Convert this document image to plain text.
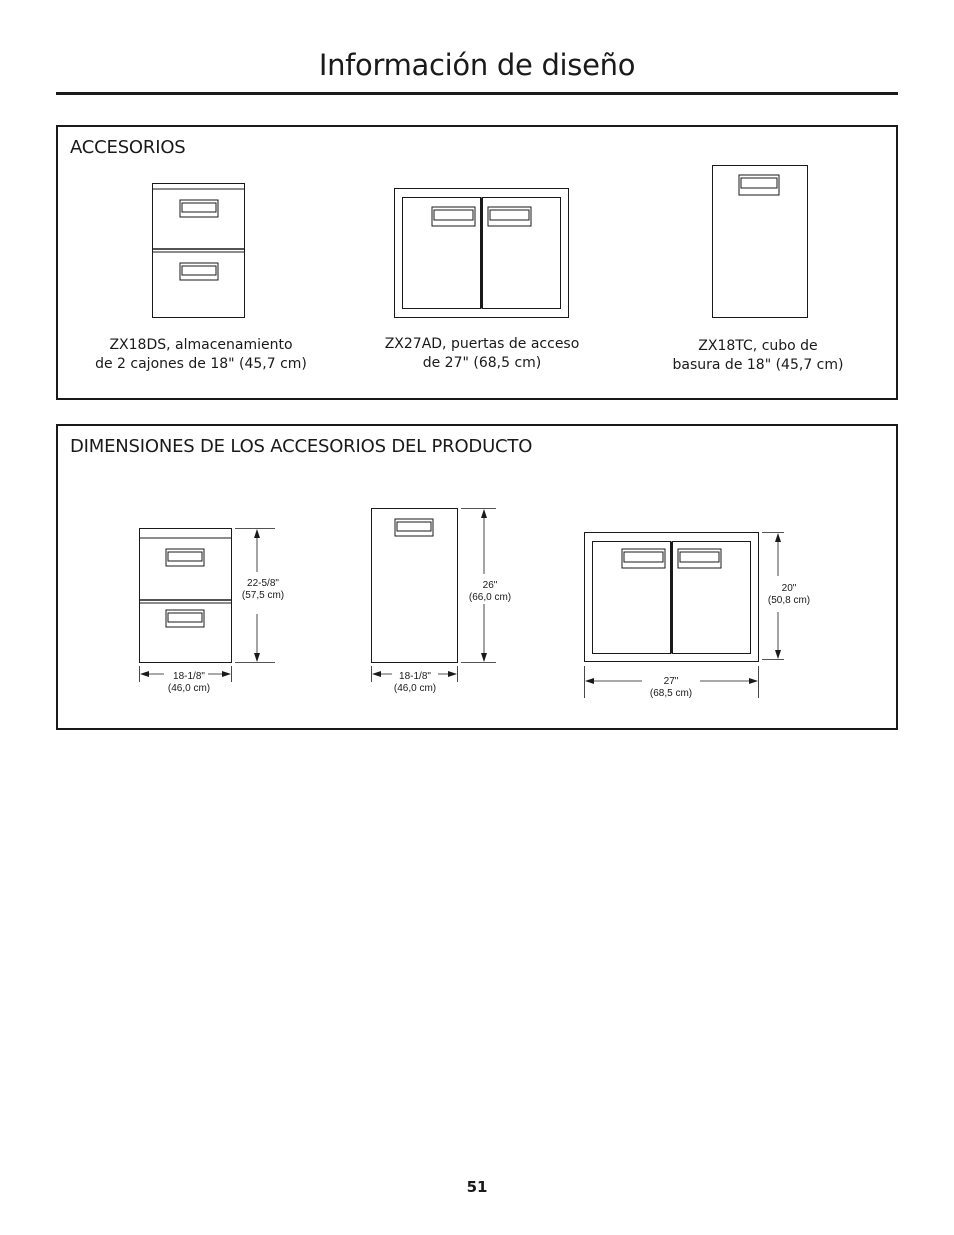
Información de diseño
ACCESORIOS
ZX18DS, almacenamiento
de 2 cajones de 18" (45,7 cm)
ZX27AD, puertas de acceso
de 27" (68,5 cm)
ZX18TC, cubo de
basura de 18" (45,7 cm)
DIMENSIONES DE LOS ACCESORIOS DEL PRODUCTO
22-5/8"
(57,5 cm)
18-1/8"
(46,0 cm)
26"
(66,0 cm)
18-1/8"
(46,0 cm)
20"
(50,8 cm)
27"
(68,5 cm)
51
